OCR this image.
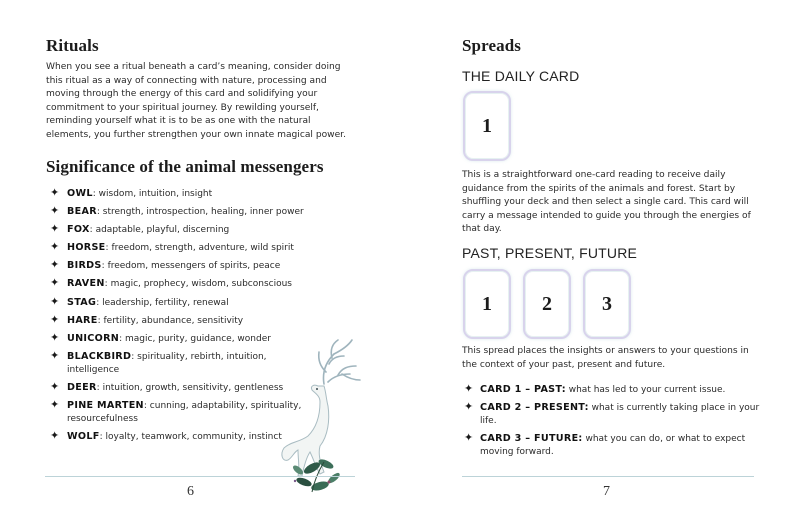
Rituals

When you see a ritual beneath a card’s meaning, consider doing this ritual as a way of connecting with nature, processing and moving through the energy of this card and solidifying your commitment to your spiritual journey. By rewilding yourself, reminding yourself what it is to be as one with the natural elements, you further strengthen your own innate magical power.

Significance of the animal messengers
✦ OWL: wisdom, intuition, insight
✦ BEAR: strength, introspection, healing, inner power
✦ FOX: adaptable, playful, discerning
✦ HORSE: freedom, strength, adventure, wild spirit
✦ BIRDS: freedom, messengers of spirits, peace
✦ RAVEN: magic, prophecy, wisdom, subconscious
✦ STAG: leadership, fertility, renewal
✦ HARE: fertility, abundance, sensitivity
✦ UNICORN: magic, purity, guidance, wonder
✦ BLACKBIRD: spirituality, rebirth, intuition, intelligence
✦ DEER: intuition, growth, sensitivity, gentleness
✦ PINE MARTEN: cunning, adaptability, spirituality, resourcefulness
✦ WOLF: loyalty, teamwork, community, instinct
6
Spreads
THE DAILY CARD
1

This is a straightforward one-card reading to receive daily guidance from the spirits of the animals and forest. Start by shuffling your deck and then select a single card. This card will carry a message intended to guide you through the energies of that day.

PAST, PRESENT, FUTURE
1	2	3

This spread places the insights or answers to your questions in the context of your past, present and future.

✦ CARD 1 – PAST: what has led to your current issue.
✦ CARD 2 – PRESENT: what is currently taking place in your life.
✦ CARD 3 – FUTURE: what you can do, or what to expect moving forward.
7
